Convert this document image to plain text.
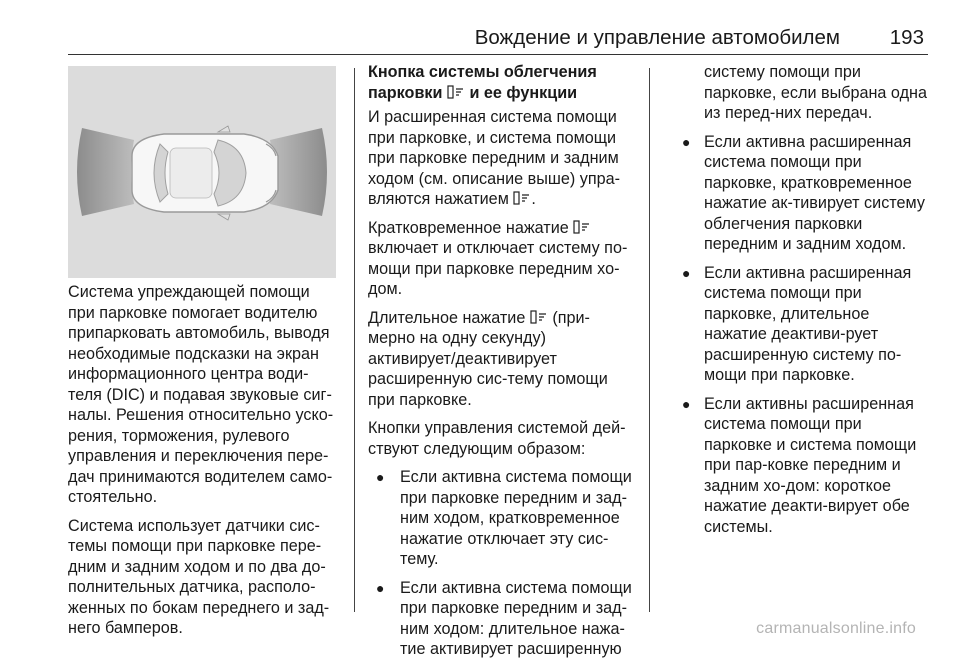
Вождение и управление автомобилем 193

Система упреждающей помощи при парковке помогает водителю припарковать автомобиль, выводя необходимые подсказки на экран информационного центра води-теля (DIC) и подавая звуковые сиг-налы. Решения относительно уско-рения, торможения, рулевого управления и переключения пере-дач принимаются водителем само-стоятельно.

Система использует датчики сис-темы помощи при парковке пере-дним и задним ходом и по два до-полнительных датчика, располо-женных по бокам переднего и зад-него бамперов.

Кнопка системы облегчения парковки и ее функции

И расширенная система помощи при парковке, и система помощи при парковке передним и задним ходом (см. описание выше) упра-вляются нажатием .

Кратковременное нажатие  включает и отключает систему по-мощи при парковке передним хо-дом.

Длительное нажатие (при-мерно на одну секунду) активирует/деактивирует расширенную сис-тему помощи при парковке.

Кнопки управления системой дей-ствуют следующим образом:

● Если активна система помощи при парковке передним и зад-ним ходом, кратковременное нажатие отключает эту сис-тему.
● Если активна система помощи при парковке передним и зад-ним ходом: длительное нажа-тие активирует расширенную

систему помощи при парковке, если выбрана одна из перед-них передач.

● Если активна расширенная система помощи при парковке, кратковременное нажатие ак-тивирует систему облегчения парковки передним и задним ходом.
● Если активна расширенная система помощи при парковке, длительное нажатие деактиви-рует расширенную систему по-мощи при парковке.
● Если активны расширенная система помощи при парковке и система помощи при пар-ковке передним и задним хо-дом: короткое нажатие деакти-вирует обе системы.
carmanualsonline.info
